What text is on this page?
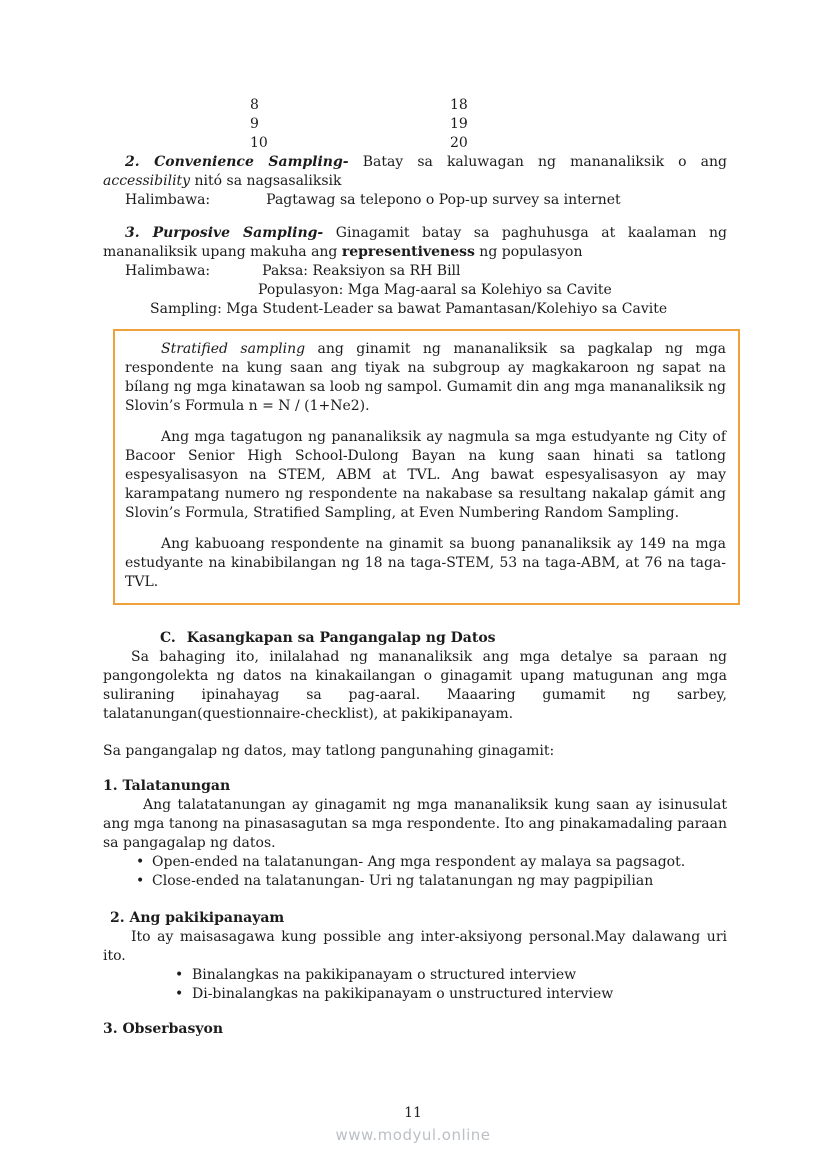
8	18
9	19
10	20

2. Convenience Sampling- Batay sa kaluwagan ng mananaliksik o ang accessibility nitó sa nagsasaliksik

Halimbawa:	Pagtawag sa telepono o Pop-up survey sa internet

3. Purposive Sampling- Ginagamit batay sa paghuhusga at kaalaman ng mananaliksik upang makuha ang representiveness ng populasyon

Halimbawa:	Paksa: Reaksiyon sa RH Bill

Populasyon: Mga Mag-aaral sa Kolehiyo sa Cavite

Sampling: Mga Student-Leader sa bawat Pamantasan/Kolehiyo sa Cavite

Stratified sampling ang ginamit ng mananaliksik sa pagkalap ng mga respondente na kung saan ang tiyak na subgroup ay magkakaroon ng sapat na bílang ng mga kinatawan sa loob ng sampol. Gumamit din ang mga mananaliksik ng Slovin’s Formula n = N / (1+Ne2).

Ang mga tagatugon ng pananaliksik ay nagmula sa mga estudyante ng City of Bacoor Senior High School-Dulong Bayan na kung saan hinati sa tatlong espesyalisasyon na STEM, ABM at TVL. Ang bawat espesyalisasyon ay may karampatang numero ng respondente na nakabase sa resultang nakalap gámit ang Slovin’s Formula, Stratified Sampling, at Even Numbering Random Sampling.

Ang kabuoang respondente na ginamit sa buong pananaliksik ay 149 na mga estudyante na kinabibilangan ng 18 na taga-STEM, 53 na taga-ABM, at 76 na taga-TVL.

C. Kasangkapan sa Pangangalap ng Datos

Sa bahaging ito, inilalahad ng mananaliksik ang mga detalye sa paraan ng pangongolekta ng datos na kinakailangan o ginagamit upang matugunan ang mga suliraning ipinahayag sa pag-aaral. Maaaring gumamit ng sarbey, talatanungan(questionnaire-checklist), at pakikipanayam.

Sa pangangalap ng datos, may tatlong pangunahing ginagamit:

1. Talatanungan

Ang talatatanungan ay ginagamit ng mga mananaliksik kung saan ay isinusulat ang mga tanong na pinasasagutan sa mga respondente. Ito ang pinakamadaling paraan sa pangagalap ng datos.

• Open-ended na talatanungan- Ang mga respondent ay malaya sa pagsagot.
• Close-ended na talatanungan- Uri ng talatanungan ng may pagpipilian

2. Ang pakikipanayam

Ito ay maisasagawa kung possible ang inter-aksiyong personal.May dalawang uri ito.

• Binalangkas na pakikipanayam o structured interview
• Di-binalangkas na pakikipanayam o unstructured interview

3. Obserbasyon

11
www.modyul.online
